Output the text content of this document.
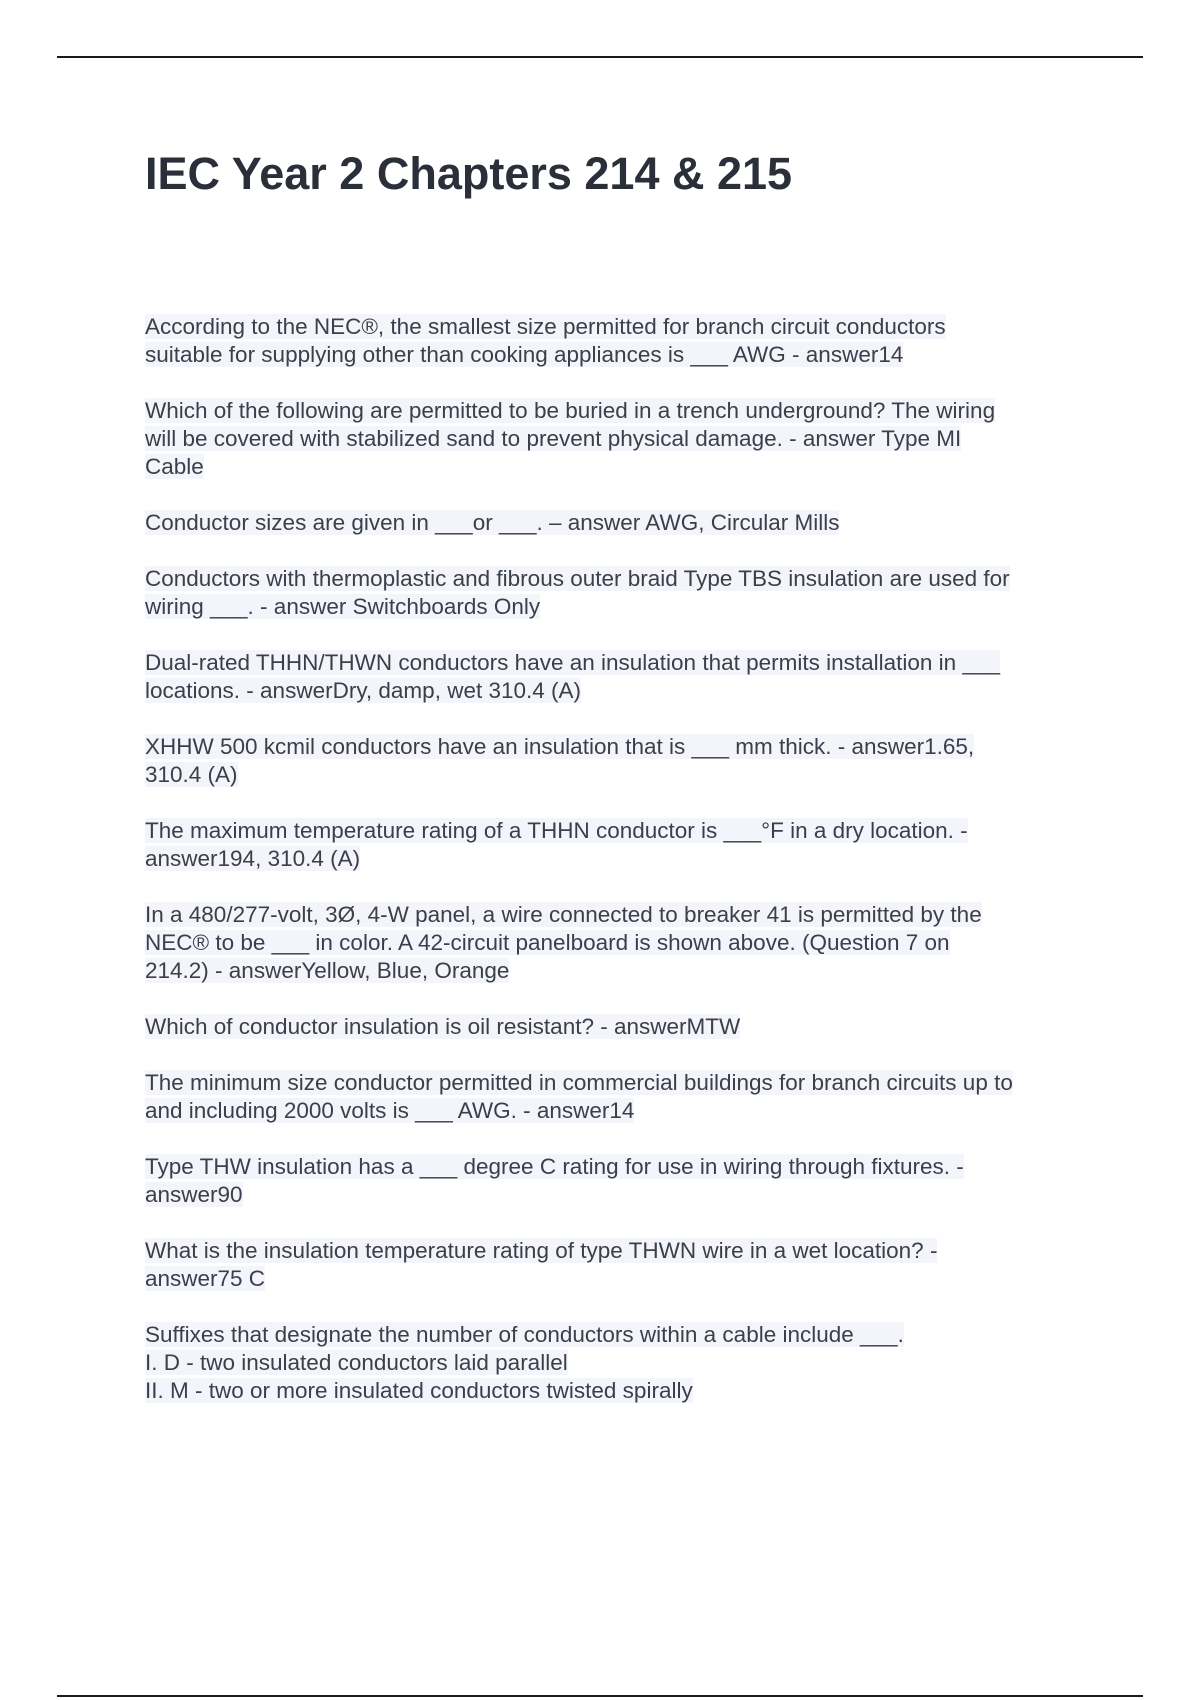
IEC Year 2 Chapters 214 & 215
According to the NEC®, the smallest size permitted for branch circuit conductors
suitable for supplying other than cooking appliances is ___ AWG - answer14
Which of the following are permitted to be buried in a trench underground? The wiring
will be covered with stabilized sand to prevent physical damage. - answer Type MI
Cable
Conductor sizes are given in ___or ___. – answer AWG, Circular Mills
Conductors with thermoplastic and fibrous outer braid Type TBS insulation are used for
wiring ___. - answer Switchboards Only
Dual-rated THHN/THWN conductors have an insulation that permits installation in ___
locations. - answerDry, damp, wet 310.4 (A)
XHHW 500 kcmil conductors have an insulation that is ___ mm thick. - answer1.65,
310.4 (A)
The maximum temperature rating of a THHN conductor is ___°F in a dry location. -
answer194, 310.4 (A)
In a 480/277-volt, 3Ø, 4-W panel, a wire connected to breaker 41 is permitted by the
NEC® to be ___ in color. A 42-circuit panelboard is shown above. (Question 7 on
214.2) - answerYellow, Blue, Orange
Which of conductor insulation is oil resistant? - answerMTW
The minimum size conductor permitted in commercial buildings for branch circuits up to
and including 2000 volts is ___ AWG. - answer14
Type THW insulation has a ___ degree C rating for use in wiring through fixtures. -
answer90
What is the insulation temperature rating of type THWN wire in a wet location? -
answer75 C
Suffixes that designate the number of conductors within a cable include ___.
I. D - two insulated conductors laid parallel
II. M - two or more insulated conductors twisted spirally
